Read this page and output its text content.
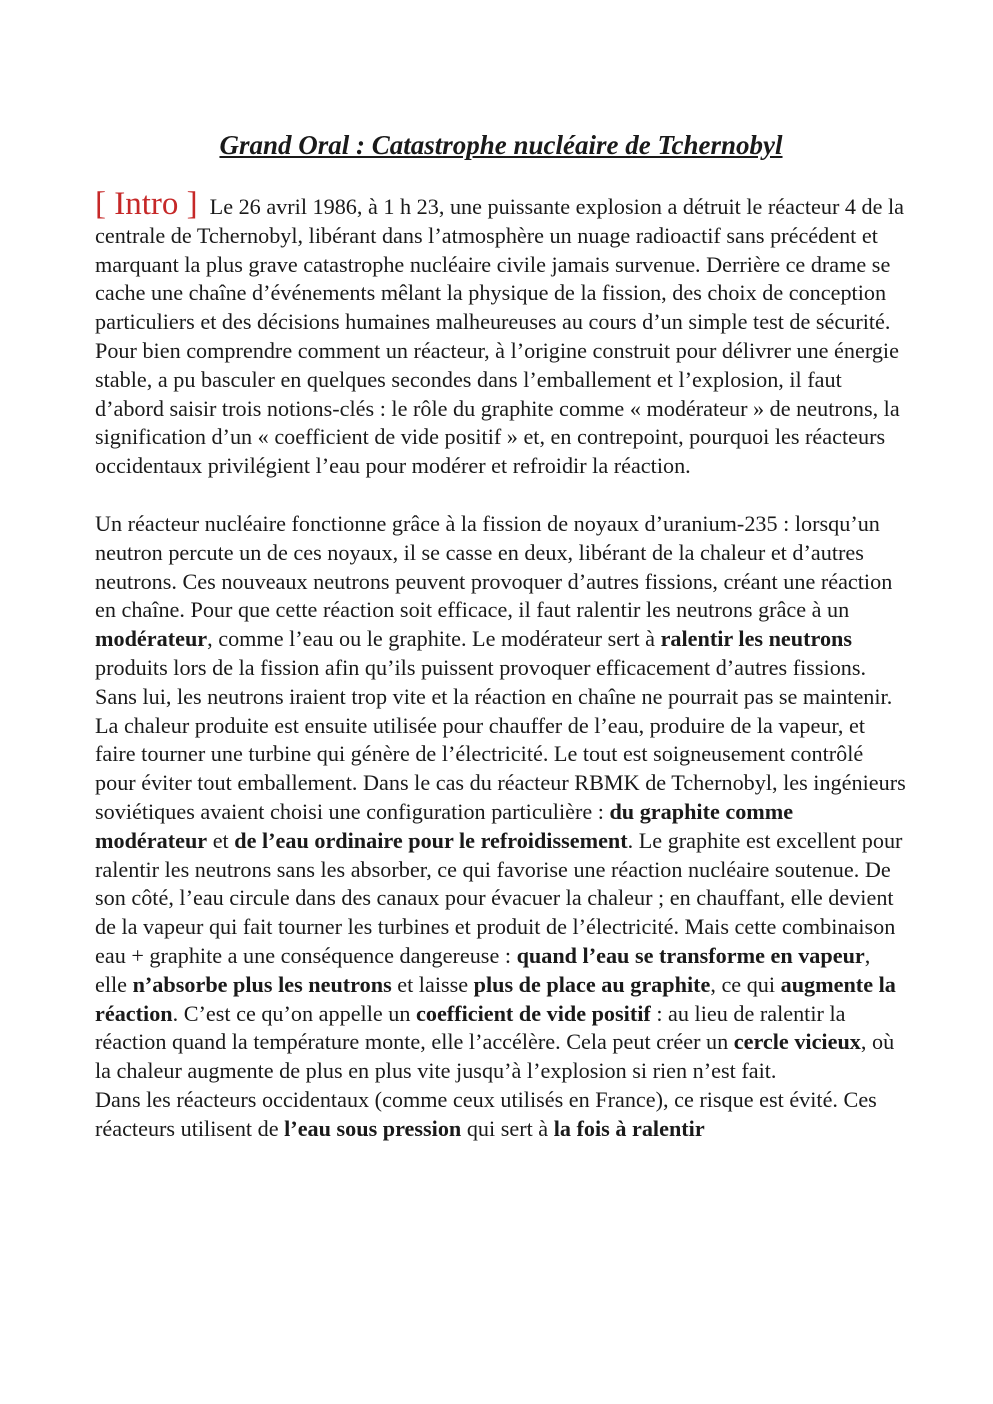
Grand Oral : Catastrophe nucléaire de Tchernobyl

[ Intro ] Le 26 avril 1986, à 1 h 23, une puissante explosion a détruit le réacteur 4 de la centrale de Tchernobyl, libérant dans l’atmosphère un nuage radioactif sans précédent et marquant la plus grave catastrophe nucléaire civile jamais survenue. Derrière ce drame se cache une chaîne d’événements mêlant la physique de la fission, des choix de conception particuliers et des décisions humaines malheureuses au cours d’un simple test de sécurité. Pour bien comprendre comment un réacteur, à l’origine construit pour délivrer une énergie stable, a pu basculer en quelques secondes dans l’emballement et l’explosion, il faut d’abord saisir trois notions-clés : le rôle du graphite comme « modérateur » de neutrons, la signification d’un « coefficient de vide positif » et, en contrepoint, pourquoi les réacteurs occidentaux privilégient l’eau pour modérer et refroidir la réaction.

Un réacteur nucléaire fonctionne grâce à la fission de noyaux d’uranium-235 : lorsqu’un neutron percute un de ces noyaux, il se casse en deux, libérant de la chaleur et d’autres neutrons. Ces nouveaux neutrons peuvent provoquer d’autres fissions, créant une réaction en chaîne. Pour que cette réaction soit efficace, il faut ralentir les neutrons grâce à un modérateur, comme l’eau ou le graphite. Le modérateur sert à ralentir les neutrons produits lors de la fission afin qu’ils puissent provoquer efficacement d’autres fissions. Sans lui, les neutrons iraient trop vite et la réaction en chaîne ne pourrait pas se maintenir. La chaleur produite est ensuite utilisée pour chauffer de l’eau, produire de la vapeur, et faire tourner une turbine qui génère de l’électricité. Le tout est soigneusement contrôlé pour éviter tout emballement. Dans le cas du réacteur RBMK de Tchernobyl, les ingénieurs soviétiques avaient choisi une configuration particulière : du graphite comme modérateur et de l’eau ordinaire pour le refroidissement. Le graphite est excellent pour ralentir les neutrons sans les absorber, ce qui favorise une réaction nucléaire soutenue. De son côté, l’eau circule dans des canaux pour évacuer la chaleur ; en chauffant, elle devient de la vapeur qui fait tourner les turbines et produit de l’électricité. Mais cette combinaison eau + graphite a une conséquence dangereuse : quand l’eau se transforme en vapeur, elle n’absorbe plus les neutrons et laisse plus de place au graphite, ce qui augmente la réaction. C’est ce qu’on appelle un coefficient de vide positif : au lieu de ralentir la réaction quand la température monte, elle l’accélère. Cela peut créer un cercle vicieux, où la chaleur augmente de plus en plus vite jusqu’à l’explosion si rien n’est fait.

Dans les réacteurs occidentaux (comme ceux utilisés en France), ce risque est évité. Ces réacteurs utilisent de l’eau sous pression qui sert à la fois à ralentir
